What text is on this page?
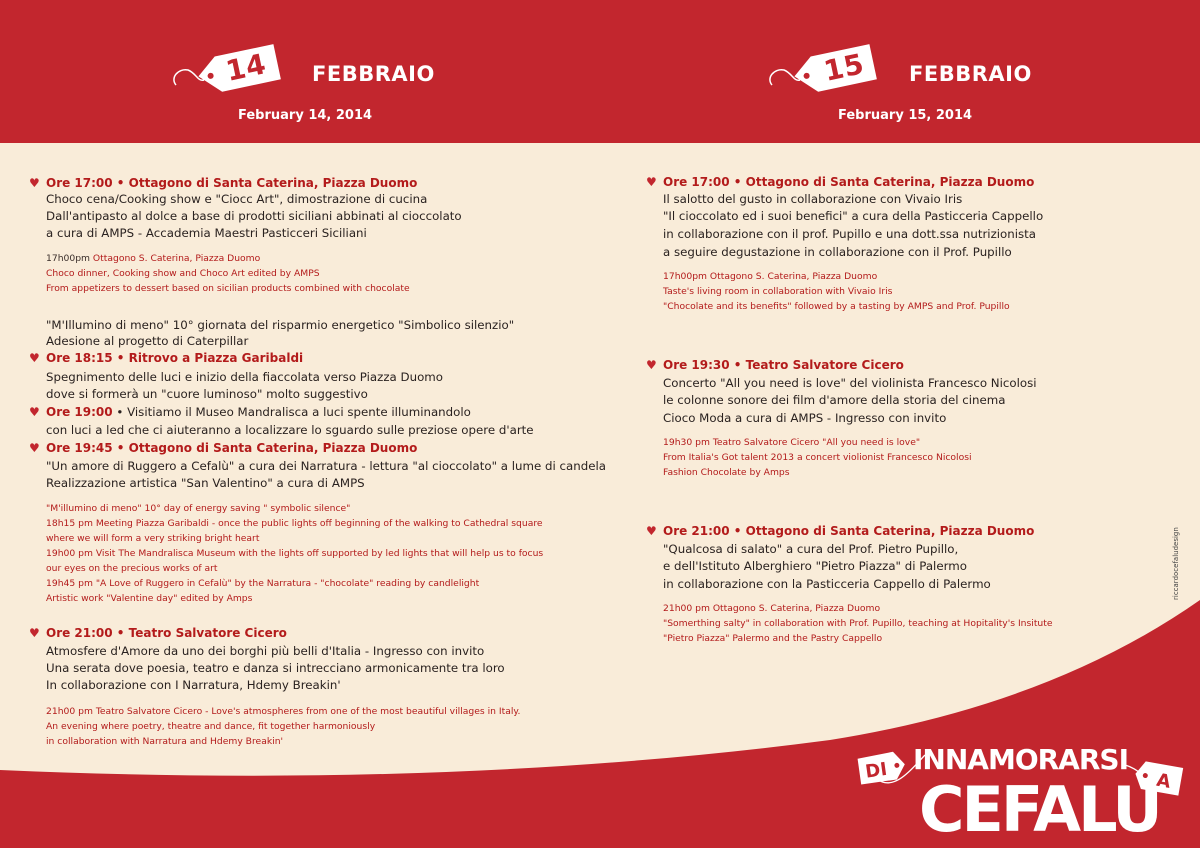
14 FEBBRAIO
February 14, 2014
15 FEBBRAIO
February 15, 2014
♥ Ore 17:00 • Ottagono di Santa Caterina, Piazza Duomo
Choco cena/Cooking show e "Ciocc Art", dimostrazione di cucina
Dall'antipasto al dolce a base di prodotti siciliani abbinati al cioccolato
a cura di AMPS - Accademia Maestri Pasticceri Siciliani
17h00pm Ottagono S. Caterina, Piazza Duomo
Choco dinner, Cooking show and Choco Art edited by AMPS
From appetizers to dessert based on sicilian products combined with chocolate
"M'Illumino di meno" 10° giornata del risparmio energetico "Simbolico silenzio"
Adesione al progetto di Caterpillar
♥ Ore 18:15 • Ritrovo a Piazza Garibaldi
Spegnimento delle luci e inizio della fiaccolata verso Piazza Duomo
dove si formerà un "cuore luminoso" molto suggestivo
♥ Ore 19:00 • Visitiamo il Museo Mandralisca a luci spente illuminandolo
con luci a led che ci aiuteranno a localizzare lo sguardo sulle preziose opere d'arte
♥ Ore 19:45 • Ottagono di Santa Caterina, Piazza Duomo
"Un amore di Ruggero a Cefalù" a cura dei Narratura - lettura "al cioccolato" a lume di candela
Realizzazione artistica "San Valentino" a cura di AMPS
"M'illumino di meno" 10° day of energy saving " symbolic silence"
18h15 pm Meeting Piazza Garibaldi - once the public lights off beginning of the walking to Cathedral square
where we will form a very striking bright heart
19h00 pm Visit The Mandralisca Museum with the lights off supported by led lights that will help us to focus
our eyes on the precious works of art
19h45 pm "A Love of Ruggero in Cefalù" by the Narratura - "chocolate" reading by candlelight
Artistic work "Valentine day" edited by Amps
♥ Ore 21:00 • Teatro Salvatore Cicero
Atmosfere d'Amore da uno dei borghi più belli d'Italia - Ingresso con invito
Una serata dove poesia, teatro e danza si intrecciano armonicamente tra loro
In collaborazione con I Narratura, Hdemy Breakin'
21h00 pm Teatro Salvatore Cicero - Love's atmospheres from one of the most beautiful villages in Italy.
An evening where poetry, theatre and dance, fit together harmoniously
in collaboration with Narratura and Hdemy Breakin'
♥ Ore 17:00 • Ottagono di Santa Caterina, Piazza Duomo
Il salotto del gusto in collaborazione con Vivaio Iris
"Il cioccolato ed i suoi benefici" a cura della Pasticceria Cappello
in collaborazione con il prof. Pupillo e una dott.ssa nutrizionista
a seguire degustazione in collaborazione con il Prof. Pupillo
17h00pm Ottagono S. Caterina, Piazza Duomo
Taste's living room in collaboration with Vivaio Iris
"Chocolate and its benefits" followed by a tasting by AMPS and Prof. Pupillo
♥ Ore 19:30 • Teatro Salvatore Cicero
Concerto "All you need is love" del violinista Francesco Nicolosi
le colonne sonore dei film d'amore della storia del cinema
Cioco Moda a cura di AMPS - Ingresso con invito
19h30 pm Teatro Salvatore Cicero "All you need is love"
From Italia's Got talent 2013 a concert violionist Francesco Nicolosi
Fashion Chocolate by Amps
♥ Ore 21:00 • Ottagono di Santa Caterina, Piazza Duomo
"Qualcosa di salato" a cura del Prof. Pietro Pupillo,
e dell'Istituto Alberghiero "Pietro Piazza" di Palermo
in collaborazione con la Pasticceria Cappello di Palermo
21h00 pm Ottagono S. Caterina, Piazza Duomo
"Somerthing salty" in collaboration with Prof. Pupillo, teaching at Hopitality's Insitute
"Pietro Piazza" Palermo and the Pastry Cappello
riccardocefaludesign
DI INNAMORARSI
A
CEFALU
